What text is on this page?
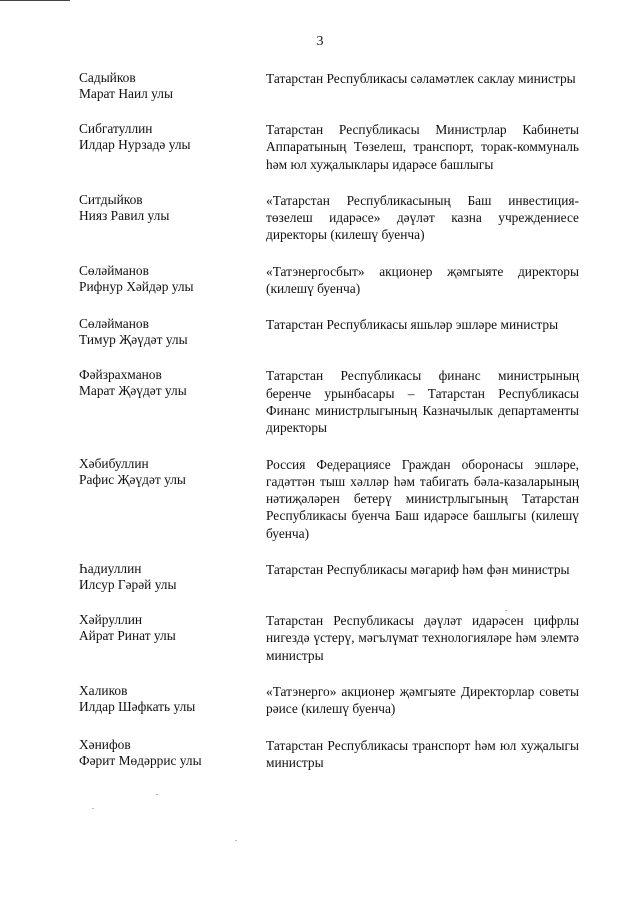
3
Садыйков
Марат Наил улы
Татарстан Республикасы сәламәтлек саклау министры
Сибгатуллин
Илдар Нурзадә улы
Татарстан Республикасы Министрлар Кабинеты Аппаратының Төзелеш, транспорт, торак-коммуналь һәм юл хуҗалыклары идарәсе башлыгы
Ситдыйков
Нияз Равил улы
«Татарстан Республикасының Баш инвестиция-төзелеш идарәсе» дәүләт казна учреждениесе директоры (килешү буенча)
Сөләйманов
Рифнур Хәйдәр улы
«Татэнергосбыт» акционер җәмгыяте директоры (килешү буенча)
Сөләйманов
Тимур Җәүдәт улы
Татарстан Республикасы яшьләр эшләре министры
Фәйзрахманов
Марат Җәүдәт улы
Татарстан Республикасы финанс министрының беренче урынбасары – Татарстан Республикасы Финанс министрлыгының Казначылык департаменты директоры
Хәбибуллин
Рафис Җәүдәт улы
Россия Федерациясе Граждан оборонасы эшләре, гадәттән тыш хәлләр һәм табигать бәла-казаларының нәтиҗәләрен бетерү министрлыгының Татарстан Республикасы буенча Баш идарәсе башлыгы (килешү буенча)
Һадиуллин
Илсур Гәрәй улы
Татарстан Республикасы мәгариф һәм фән министры
Хәйруллин
Айрат Ринат улы
Татарстан Республикасы дәүләт идарәсен цифрлы нигездә үстерү, мәгълүмат технологияләре һәм элемтә министры
Халиков
Илдар Шәфкать улы
«Татэнерго» акционер җәмгыяте Директорлар советы рәисе (килешү буенча)
Хәнифов
Фәрит Мөдәррис улы
Татарстан Республикасы транспорт һәм юл хуҗалыгы министры
